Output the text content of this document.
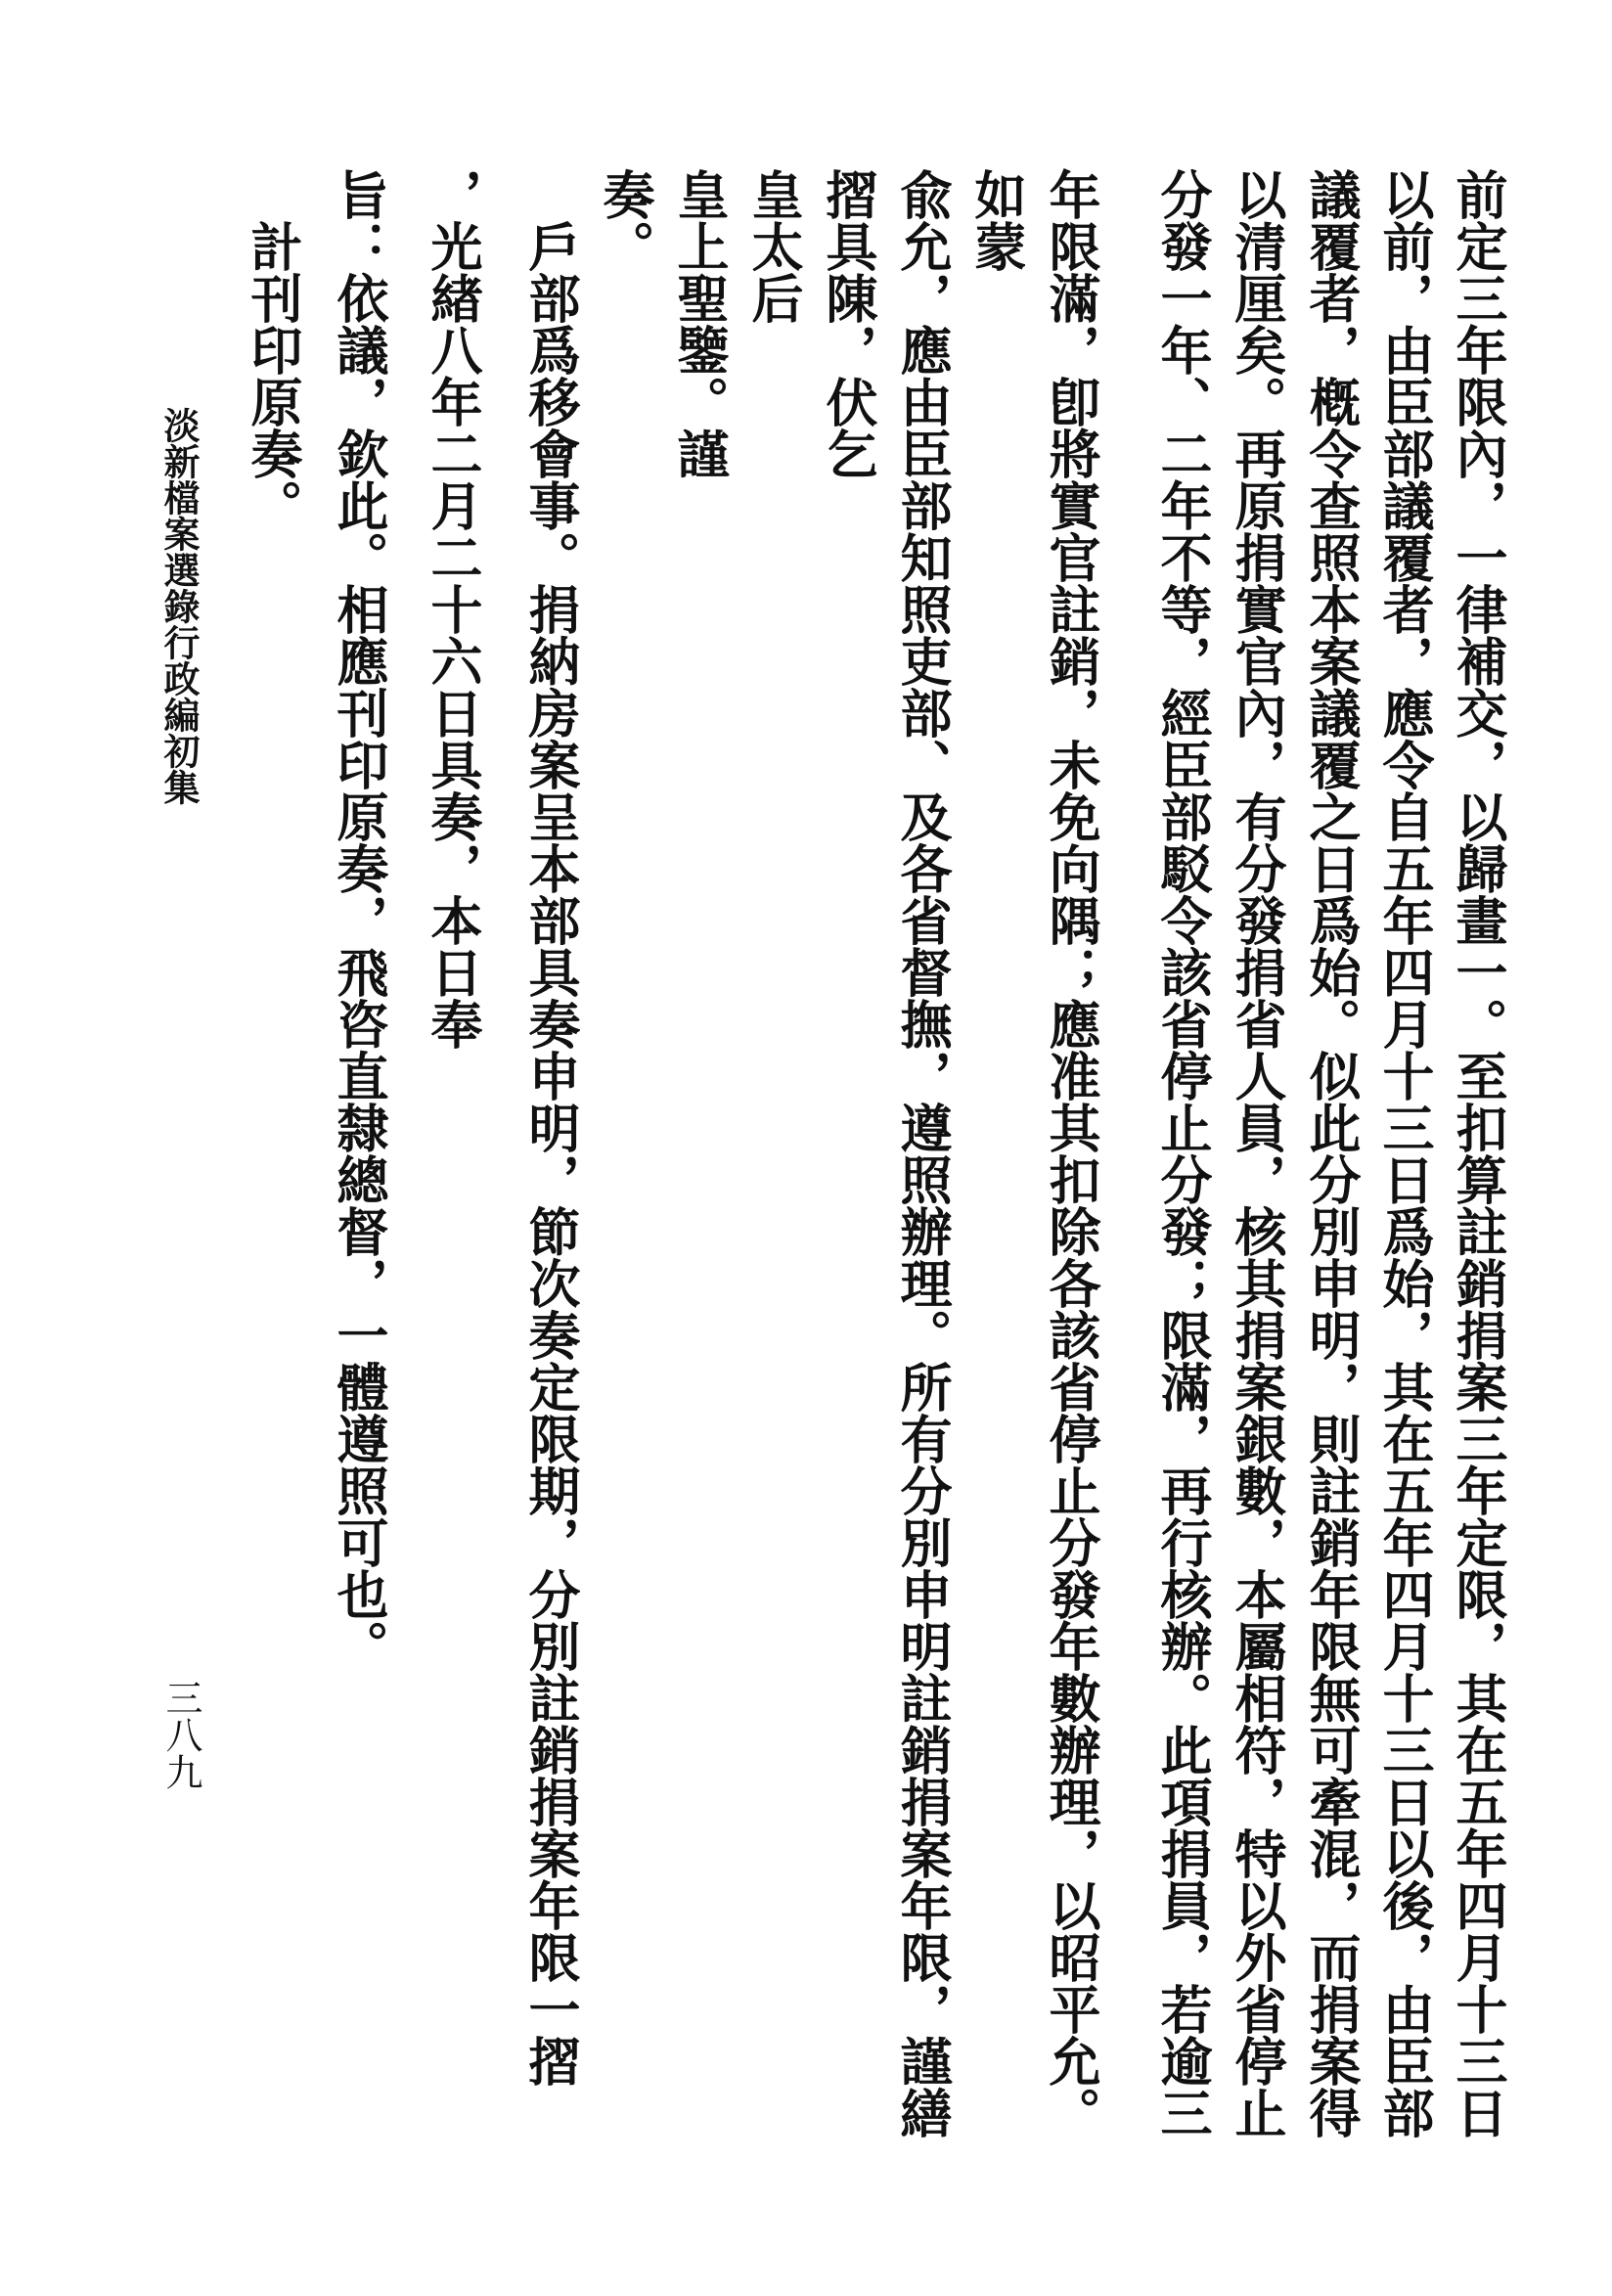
前定三年限內，一律補交，以歸畫一。至扣算註銷捐案三年定限，其在五年四月十三日
以前，由臣部議覆者，應令自五年四月十三日爲始，其在五年四月十三日以後，由臣部
議覆者，槪令查照本案議覆之日爲始。似此分別申明，則註銷年限無可牽混，而捐案得
以清厘矣。再原捐實官內，有分發捐省人員，核其捐案銀數，本屬相符，特以外省停止
分發一年、二年不等，經臣部駁令該省停止分發；限滿，再行核辦。此項捐員，若逾三
年限滿，卽將實官註銷，未免向隅；應准其扣除各該省停止分發年數辦理，以昭平允。
如蒙
兪允，應由臣部知照吏部、及各省督撫，遵照辦理。所有分別申明註銷捐案年限，謹繕
摺具陳，伏乞
皇太后
皇上聖鑒。謹
奏。
　戶部爲移會事。捐納房案呈本部具奏申明，節次奏定限期，分別註銷捐案年限一摺
，光緖八年二月二十六日具奏，本日奉
旨：依議，欽此。相應刊印原奏，飛咨直隸總督，一體遵照可也。
　計刊印原奏。
淡新檔案選錄行政編初集
三八九
